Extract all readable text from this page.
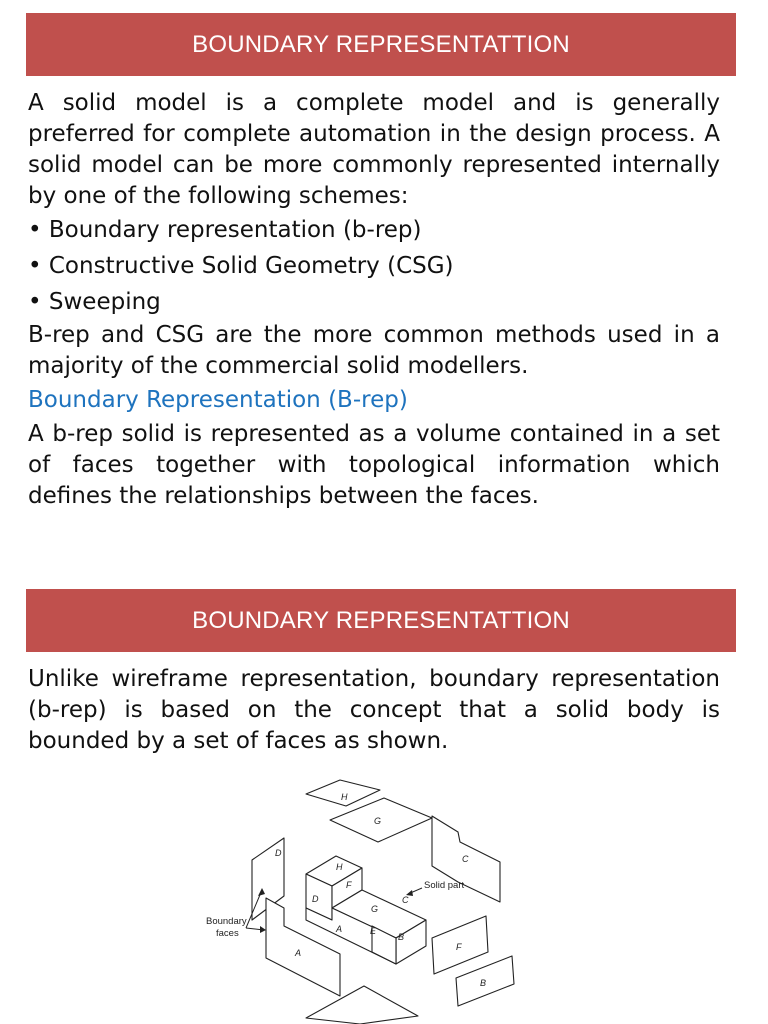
BOUNDARY REPRESENTATTION

A solid model is a complete model and is generally preferred for complete automation in the design process. A solid model can be more commonly represented internally by one of the following schemes:

• Boundary representation (b-rep)

• Constructive Solid Geometry (CSG)

• Sweeping

B-rep and CSG are the more common methods used in a majority of the commercial solid modellers.

Boundary Representation (B-rep)

A b-rep solid is represented as a volume contained in a set of faces together with topological information which defines the relationships between the faces.

BOUNDARY REPRESENTATTION

Unlike wireframe representation, boundary representation (b-rep) is based on the concept that a solid body is bounded by a set of faces as shown.

H
G
D
C
A
F
B
H
F
D
G
C
A	E
B
Solid part
Boundary
faces
